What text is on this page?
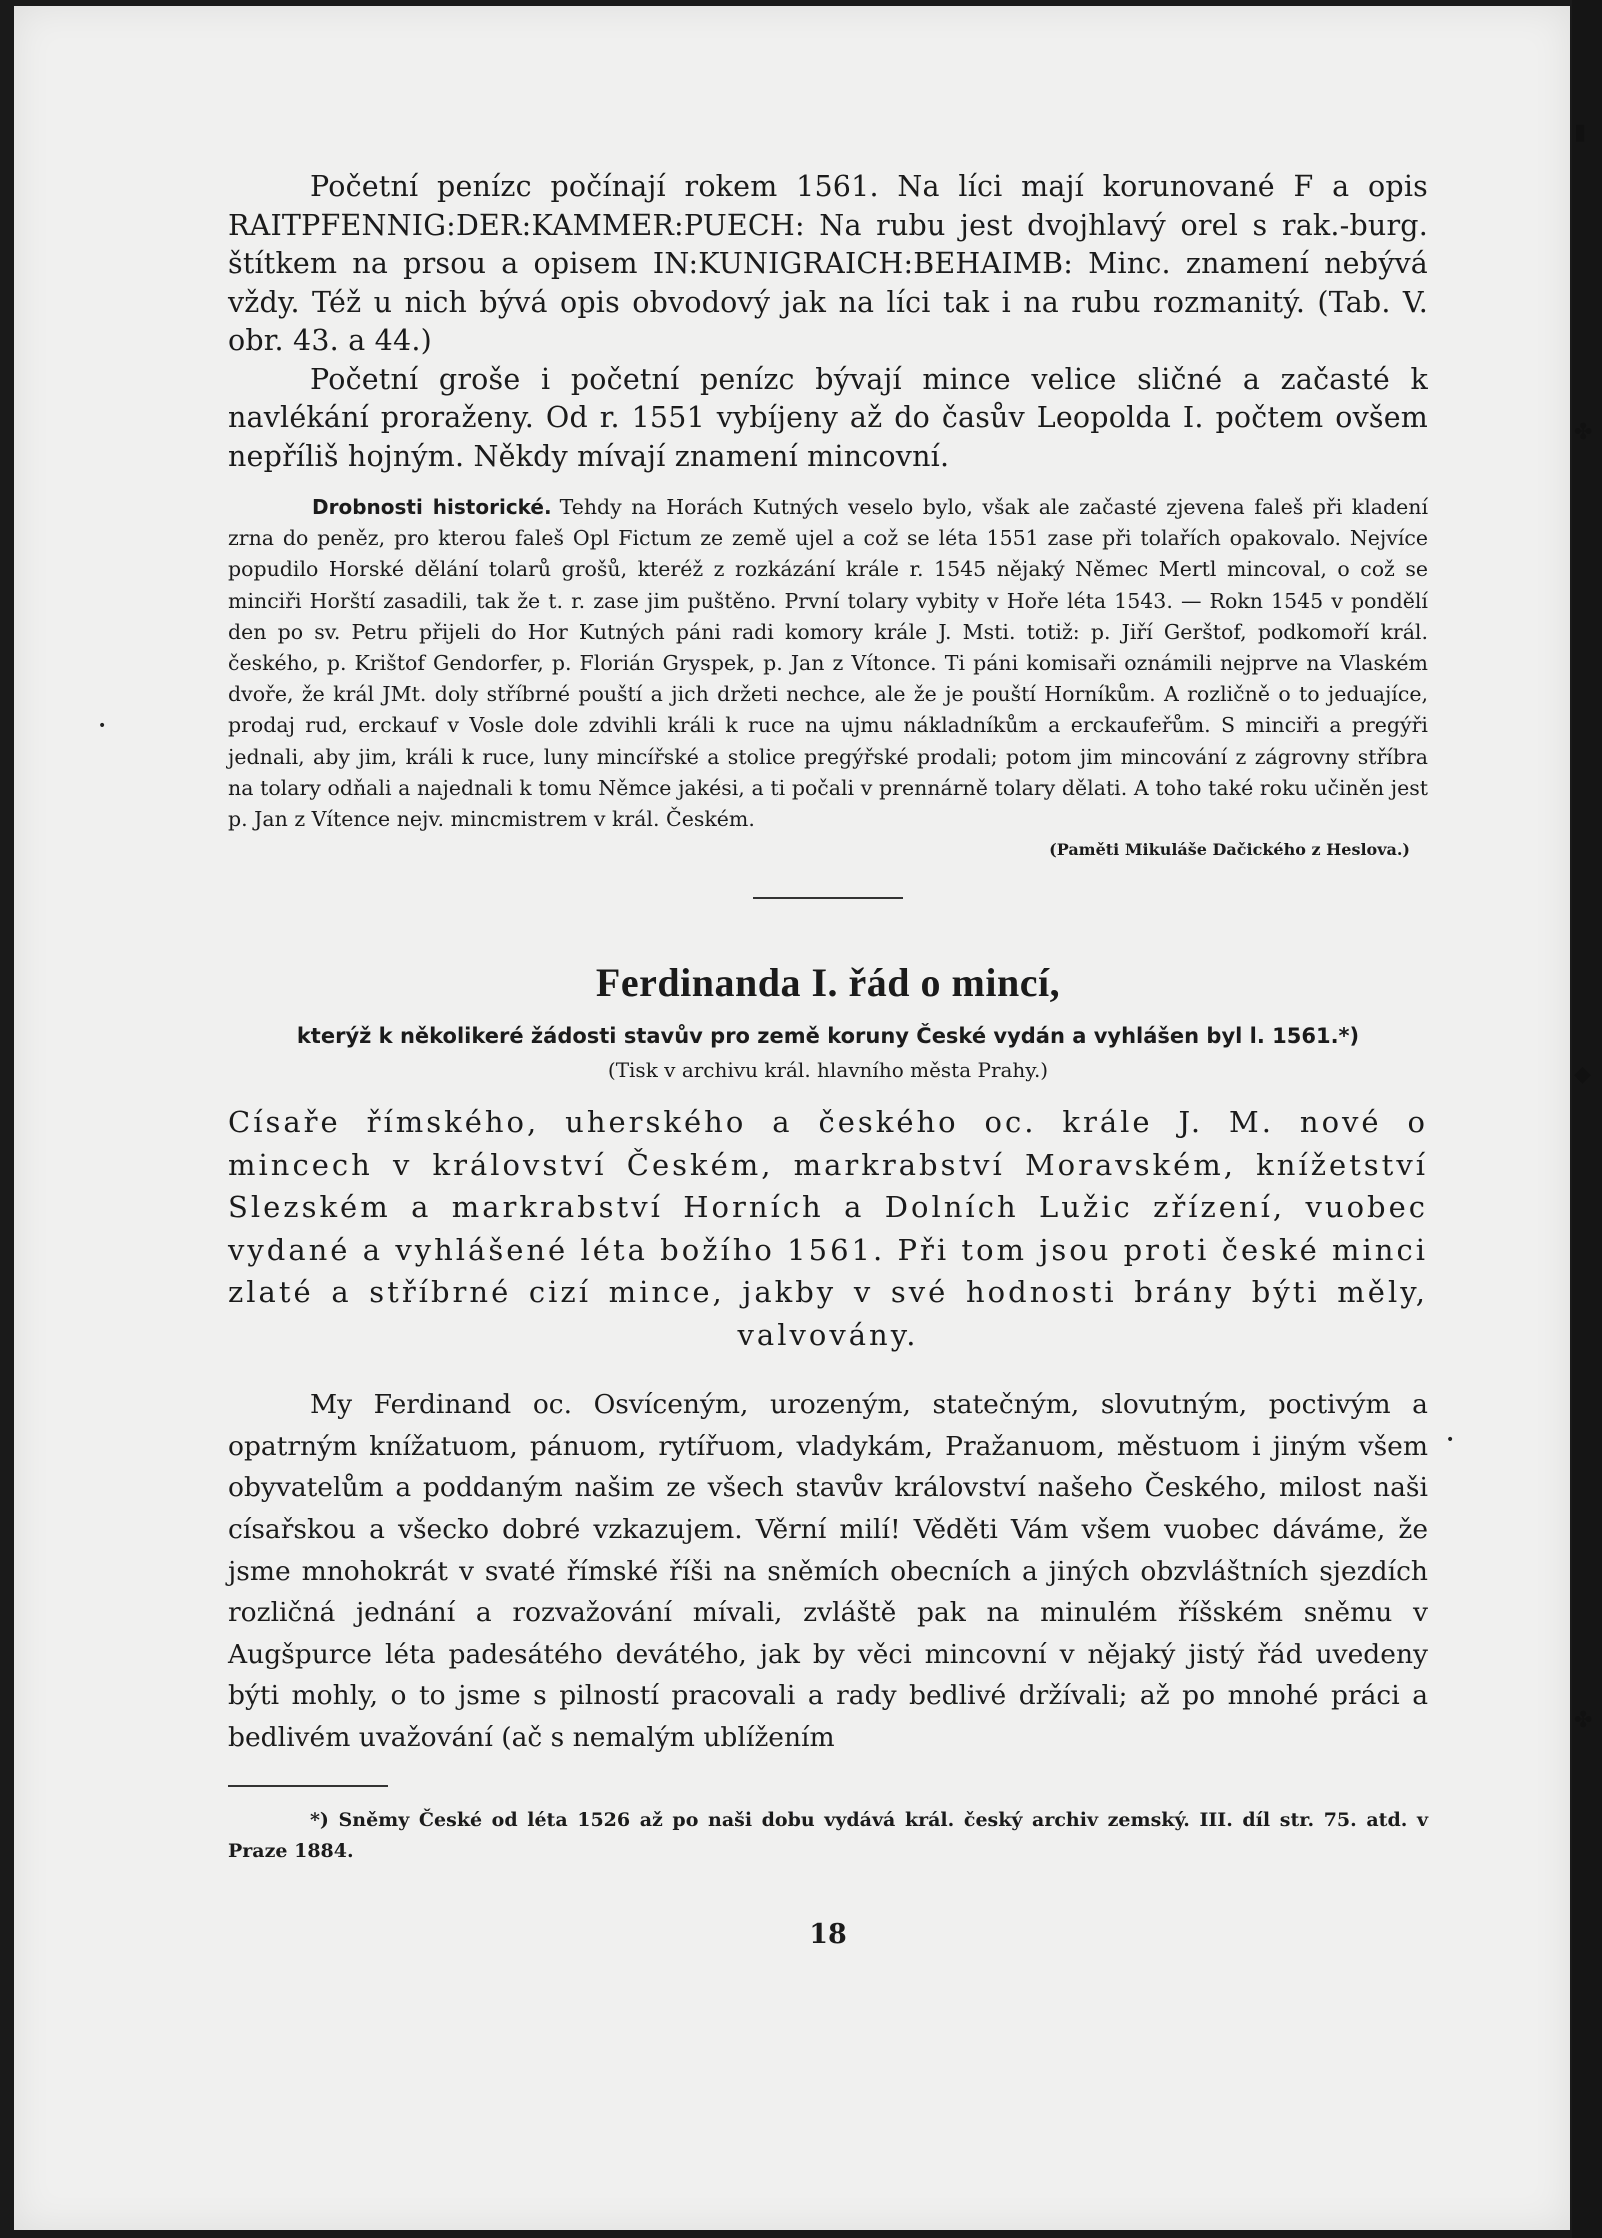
•
•
▮
✤
◆
✤

Početní penízc počínají rokem 1561. Na líci mají korunované F a opis RAITPFENNIG:DER:KAMMER:PUECH: Na rubu jest dvojhlavý orel s rak.-burg. štítkem na prsou a opisem IN:KUNIGRAICH:BEHAIMB: Minc. znamení nebývá vždy. Též u nich bývá opis obvodový jak na líci tak i na rubu rozmanitý. (Tab. V. obr. 43. a 44.)

Početní groše i početní penízc bývají mince velice sličné a začasté k navlékání proraženy. Od r. 1551 vybíjeny až do časův Leopolda I. počtem ovšem nepříliš hojným. Někdy mívají znamení mincovní.

Drobnosti historické. Tehdy na Horách Kutných veselo bylo, však ale začasté zjevena faleš při kladení zrna do peněz, pro kterou faleš Opl Fictum ze země ujel a což se léta 1551 zase při tolařích opakovalo. Nejvíce popudilo Horské dělání tolarů grošů, kteréž z rozkázání krále r. 1545 nějaký Němec Mertl mincoval, o což se minciři Horští zasadili, tak že t. r. zase jim puštěno. První tolary vybity v Hoře léta 1543. — Rokn 1545 v pondělí den po sv. Petru přijeli do Hor Kutných páni radi komory krále J. Msti. totiž: p. Jiří Gerštof, podkomoří král. českého, p. Krištof Gendorfer, p. Florián Gryspek, p. Jan z Vítonce. Ti páni komisaři oznámili nejprve na Vlaském dvoře, že král JMt. doly stříbrné pouští a jich držeti nechce, ale že je pouští Horníkům. A rozličně o to jeduajíce, prodaj rud, erckauf v Vosle dole zdvihli králi k ruce na ujmu nákladníkům a erckaufeřům. S minciři a pregýři jednali, aby jim, králi k ruce, luny mincířské a stolice pregýřské prodali; potom jim mincování z zágrovny stříbra na tolary odňali a najednali k tomu Němce jakési, a ti počali v prennárně tolary dělati. A toho také roku učiněn jest p. Jan z Vítence nejv. mincmistrem v král. Českém.
(Paměti Mikuláše Dačického z Heslova.)
Ferdinanda I. řád o mincí,
kterýž k několikeré žádosti stavův pro země koruny České vydán a vyhlášen byl l. 1561.*)
(Tisk v archivu král. hlavního města Prahy.)
Císaře římského, uherského a českého oc. krále J. M. nové o mincech v království Českém, markrabství Moravském, knížetství Slezském a markrabství Horních a Dolních Lužic zřízení, vuobec vydané a vyhlášené léta božího 1561. Při tom jsou proti české minci zlaté a stříbrné cizí mince, jakby v své hodnosti brány býti měly, valvovány.

My Ferdinand oc. Osvíceným, urozeným, statečným, slovutným, poctivým a opatrným knížatuom, pánuom, rytířuom, vladykám, Pražanuom, městuom i jiným všem obyvatelům a poddaným našim ze všech stavův království našeho Českého, milost naši císařskou a všecko dobré vzkazujem. Věrní milí! Věděti Vám všem vuobec dáváme, že jsme mnohokrát v svaté římské říši na sněmích obecních a jiných obzvláštních sjezdích rozličná jednání a rozvažování mívali, zvláště pak na minulém říšském sněmu v Augšpurce léta padesátého devátého, jak by věci mincovní v nějaký jistý řád uvedeny býti mohly, o to jsme s pilností pracovali a rady bedlivé držívali; až po mnohé práci a bedlivém uvažování (ač s nemalým ublížením

*) Sněmy České od léta 1526 až po naši dobu vydává král. český archiv zemský. III. díl str. 75. atd. v Praze 1884.
18
